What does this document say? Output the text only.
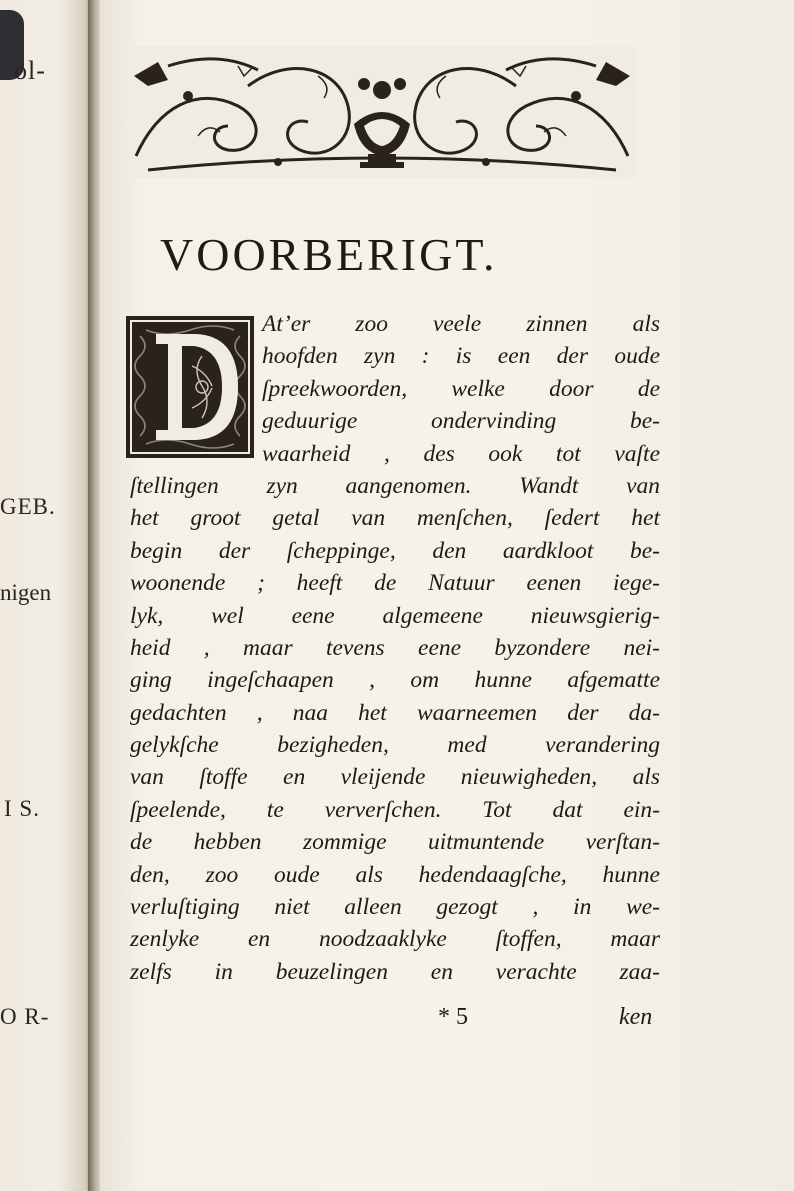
ol-
GEB.
nigen
I S.
O R-
VOORBERIGT.
At’er zoo veele zinnen als
hoofden zyn : is een der oude
ſpreekwoorden, welke door de
geduurige ondervinding be-
waarheid , des ook tot vaſte
ſtellingen zyn aangenomen. Wandt van
het groot getal van menſchen, ſedert het
begin der ſcheppinge, den aardkloot be-
woonende ; heeft de Natuur eenen iege-
lyk, wel eene algemeene nieuwsgierig-
heid , maar tevens eene byzondere nei-
ging ingeſchaapen , om hunne afgematte
gedachten , naa het waarneemen der da-
gelykſche bezigheden, med verandering
van ſtoffe en vleijende nieuwigheden, als
ſpeelende, te ververſchen. Tot dat ein-
de hebben zommige uitmuntende verſtan-
den, zoo oude als hedendaagſche, hunne
verluſtiging niet alleen gezogt , in we-
zenlyke en noodzaaklyke ſtoffen, maar
zelfs in beuzelingen en verachte zaa-
* 5	ken
